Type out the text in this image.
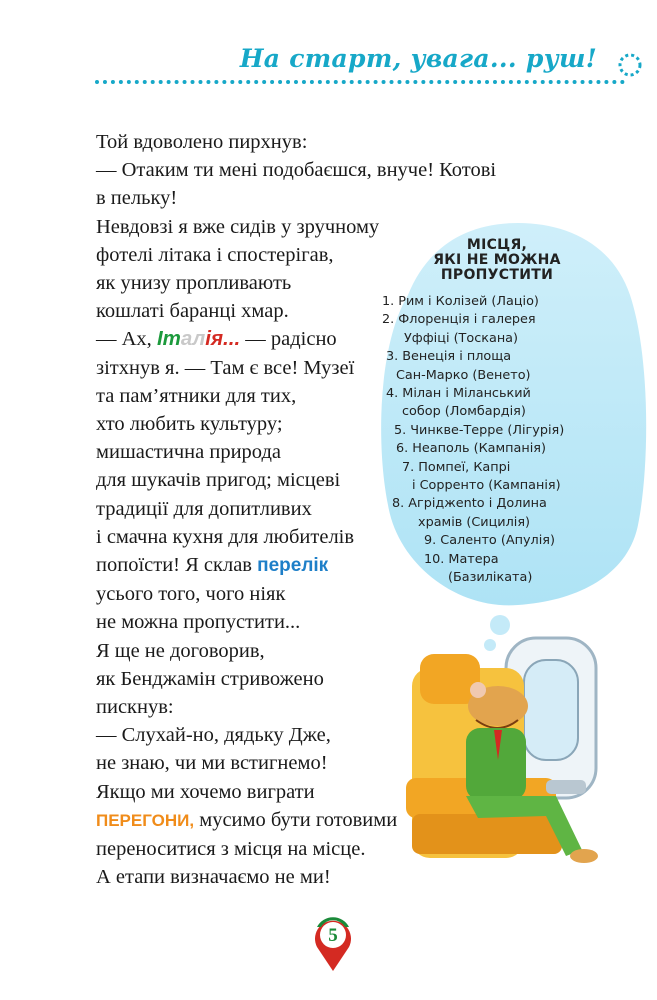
На старт, увага... руш!
Той вдоволено пирхнув:
— Отаким ти мені подобаєшся, внуче! Котові
в пельку!
Невдовзі я вже сидів у зручному
фотелі літака і спостерігав,
як унизу пропливають
кошлаті баранці хмар.
— Ах, Італія... — радісно
зітхнув я. — Там є все! Музеї
та пам’ятники для тих,
хто любить культуру;
мишастична природа
для шукачів пригод; місцеві
традиції для допитливих
і смачна кухня для любителів
попоїсти! Я склав перелік
усього того, чого ніяк
не можна пропустити...
Я ще не договорив,
як Бенджамін стривожено
пискнув:
— Слухай-но, дядьку Дже,
не знаю, чи ми встигнемо!
Якщо ми хочемо виграти
ПЕРЕГОНИ, мусимо бути готовими
переноситися з місця на місце.
А етапи визначаємо не ми!
МІСЦЯ,
ЯКІ НЕ МОЖНА
ПРОПУСТИТИ
1. Рим і Колізей (Лаціо)
2. Флоренція і галерея
Уффіці (Тоскана)
3. Венеція і площа
Сан-Марко (Венето)
4. Мілан і Міланський
собор (Ломбардія)
5. Чинкве-Терре (Лігурія)
6. Неаполь (Кампанія)
7. Помпеї, Капрі
і Сорренто (Кампанія)
8. Агріджento і Долина
храмів (Сицилія)
9. Саленто (Апулія)
10. Матера
(Базиліката)
5
